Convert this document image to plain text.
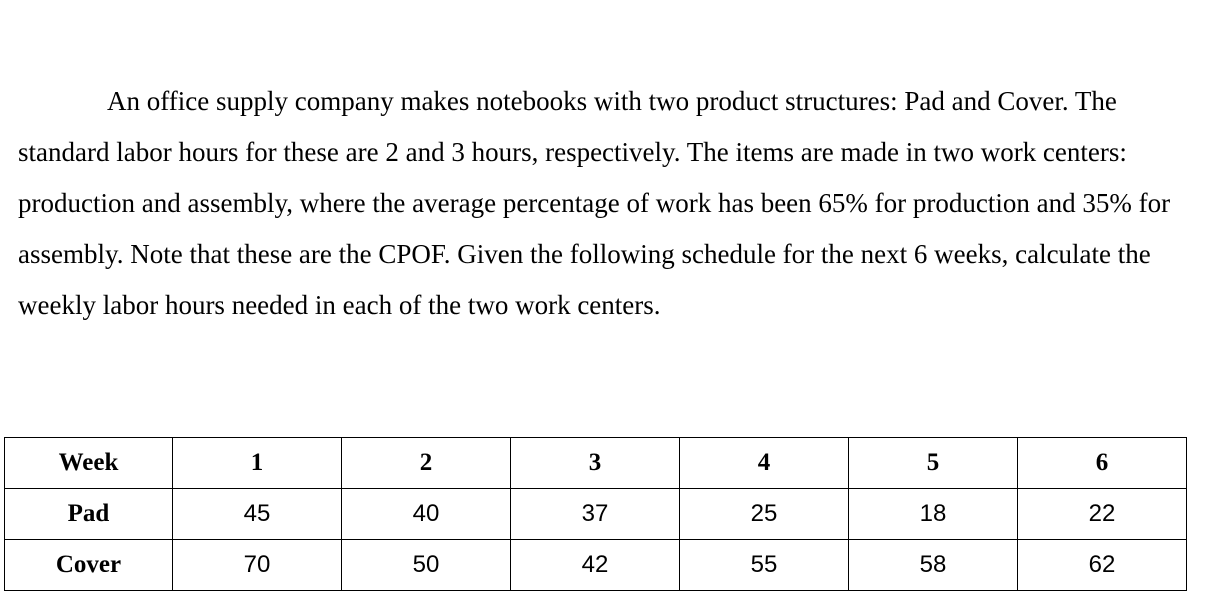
An office supply company makes notebooks with two product structures: Pad and Cover. The standard labor hours for these are 2 and 3 hours, respectively. The items are made in two work centers: production and assembly, where the average percentage of work has been 65% for production and 35% for assembly. Note that these are the CPOF. Given the following schedule for the next 6 weeks, calculate the weekly labor hours needed in each of the two work centers.

Week	1	2	3	4	5	6
Pad	45	40	37	25	18	22
Cover	70	50	42	55	58	62
